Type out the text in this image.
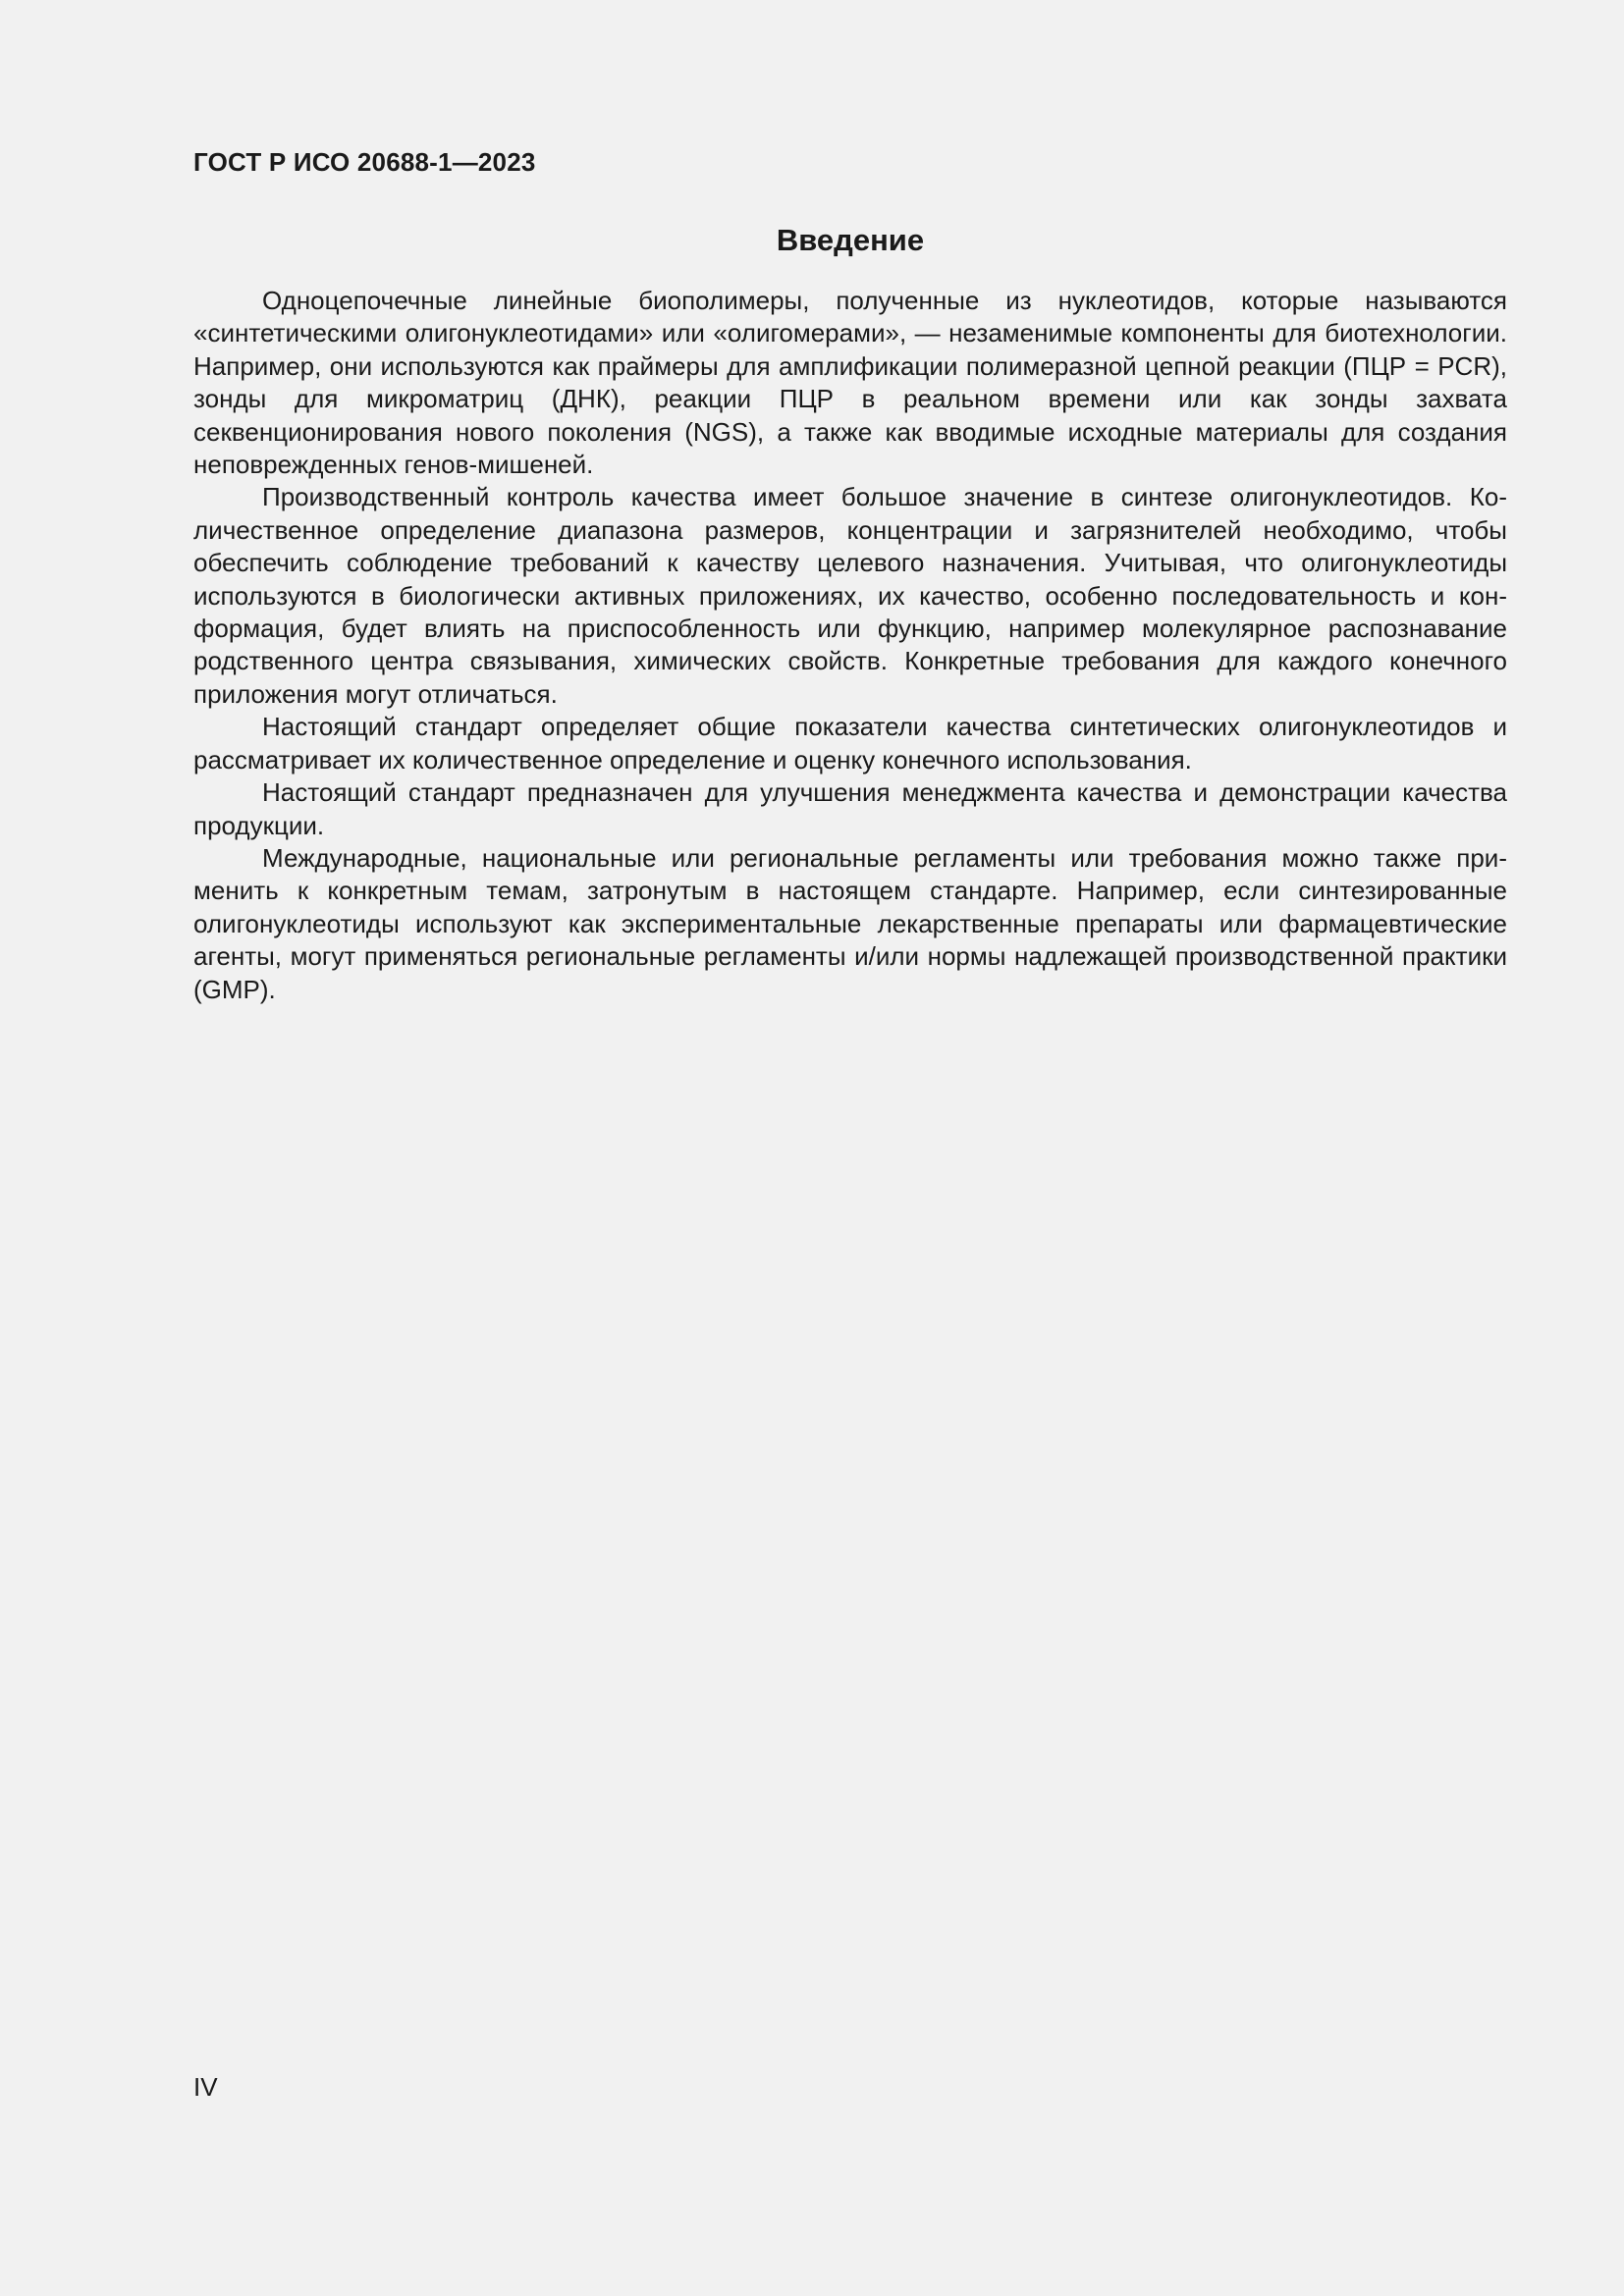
ГОСТ Р ИСО 20688-1—2023
Введение

Одноцепочечные линейные биополимеры, полученные из нуклеотидов, которые называются «синтетическими олигонуклеотидами» или «олигомерами», — незаменимые компоненты для биотехнологии. Например, они используются как праймеры для амплификации полимеразной цепной реакции (ПЦР = PCR), зонды для микроматриц (ДНК), реакции ПЦР в реальном времени или как зонды захвата секвенционирования нового поколения (NGS), а также как вводимые исходные материалы для создания неповрежденных генов-мишеней.

Производственный контроль качества имеет большое значение в синтезе олигонуклеотидов. Количественное определение диапазона размеров, концентрации и загрязнителей необходимо, чтобы обеспечить соблюдение требований к качеству целевого назначения. Учитывая, что олигонуклеотиды используются в биологически активных приложениях, их качество, особенно последовательность и конформация, будет влиять на приспособленность или функцию, например молекулярное распознавание родственного центра связывания, химических свойств. Конкретные требования для каждого конечного приложения могут отличаться.

Настоящий стандарт определяет общие показатели качества синтетических олигонуклеотидов и рассматривает их количественное определение и оценку конечного использования.

Настоящий стандарт предназначен для улучшения менеджмента качества и демонстрации качества продукции.

Международные, национальные или региональные регламенты или требования можно также применить к конкретным темам, затронутым в настоящем стандарте. Например, если синтезированные олигонуклеотиды используют как экспериментальные лекарственные препараты или фармацевтические агенты, могут применяться региональные регламенты и/или нормы надлежащей производственной практики (GMP).

IV
